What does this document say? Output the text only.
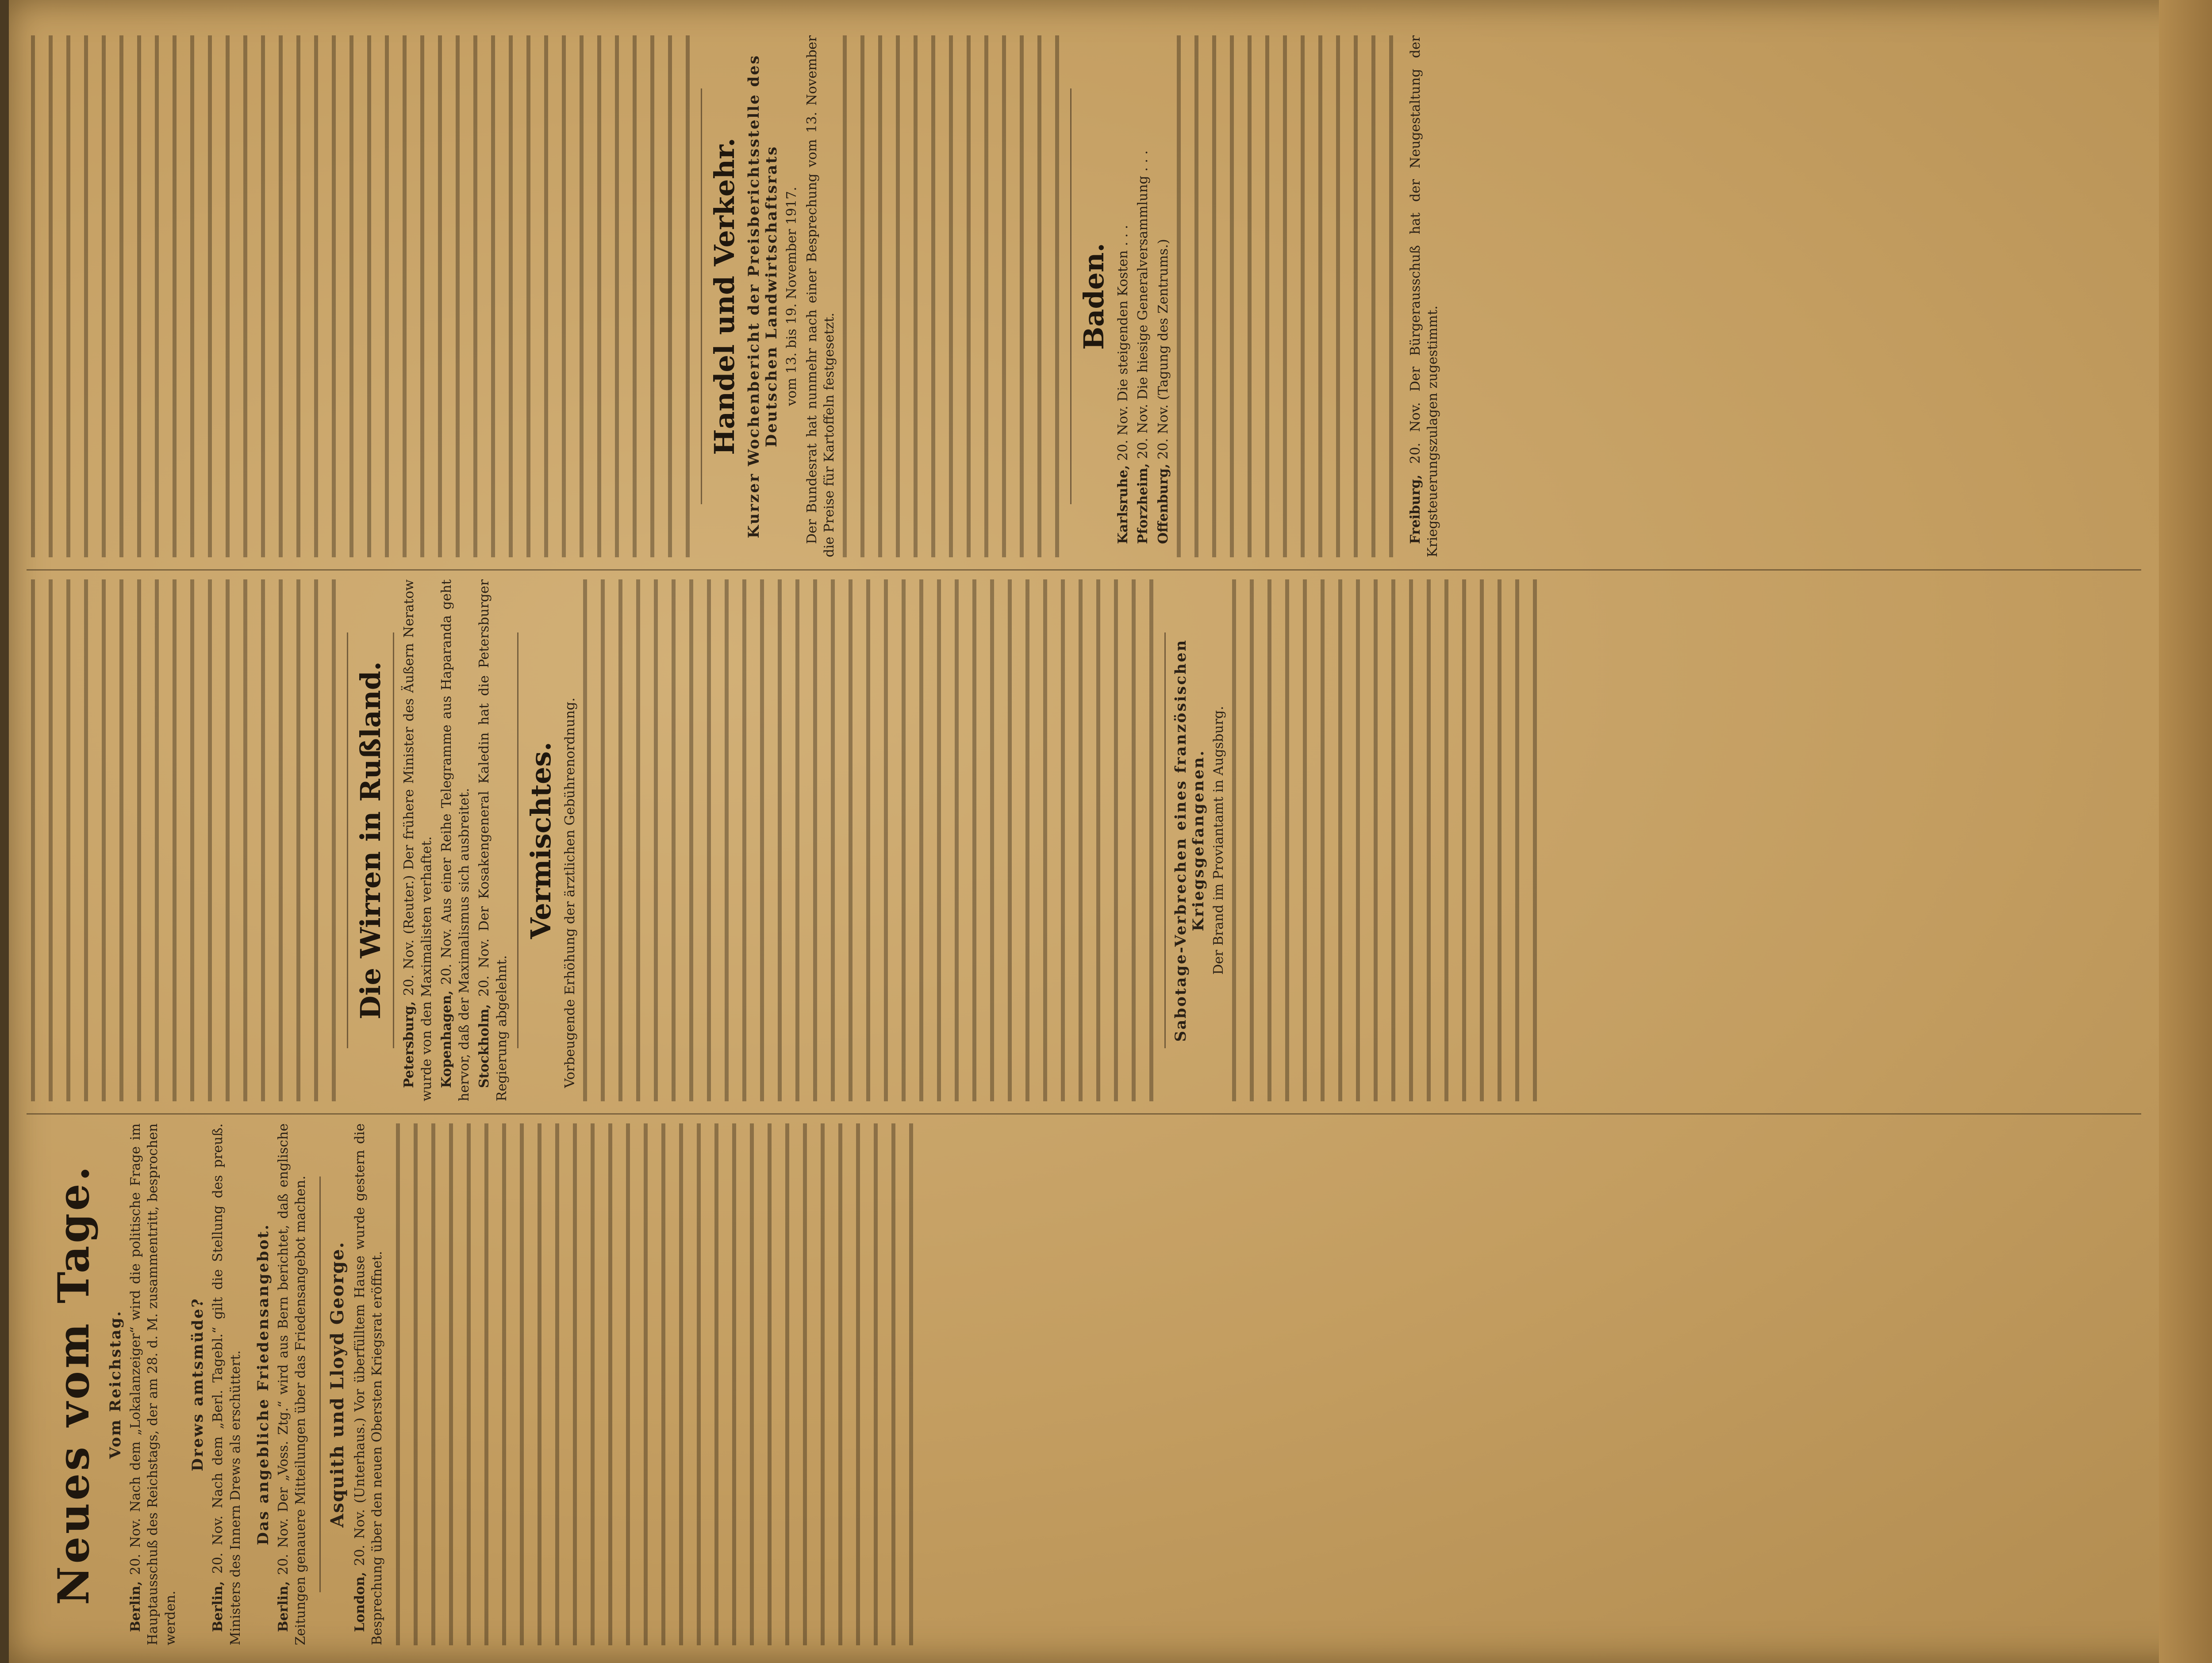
Neues vom Tage. Vom Reichstag.

Berlin, 20. Nov. Nach dem „Lokalanzeiger“ wird die politische Frage im Hauptausschuß des Reichstags, der am 28. d. M. zusammentritt, besprochen werden.

Drews amtsmüde?

Berlin, 20. Nov. Nach dem „Berl. Tagebl.“ gilt die Stellung des preuß. Ministers des Innern Drews als erschüttert. Das angebliche Friedensangebot.

Berlin, 20. Nov. Der „Voss. Ztg.“ wird aus Bern berichtet, daß englische Zeitungen genauere Mitteilungen über das Friedensangebot machen. Asquith und Lloyd George.

London, 20. Nov. (Unterhaus.) Vor überfülltem Hause wurde gestern die Besprechung über den neuen Obersten Kriegsrat eröffnet.

Die Wirren in Rußland.

Petersburg, 20. Nov. (Reuter.) Der frühere Minister des Äußern Neratow wurde von den Maximalisten verhaftet. Kopenhagen, 20. Nov. Aus einer Reihe Telegramme aus Haparanda geht hervor, daß der Maximalismus sich ausbreitet. Stockholm, 20. Nov. Der Kosakengeneral Kaledin hat die Petersburger Regierung abgelehnt.

Vermischtes. Vorbeugende Erhöhung der ärztlichen Gebührenordnung.	Sabotage-Verbrechen eines französischen Kriegsgefangenen. Der Brand im Proviantamt in Augsburg.

Handel und Verkehr. Kurzer Wochenbericht der Preisberichtsstelle des Deutschen Landwirtschaftsrats vom 13. bis 19. November 1917. Der Bundesrat hat nunmehr nach einer Besprechung vom 13. November die Preise für Kartoffeln festgesetzt.

Baden.

Karlsruhe, 20. Nov. Die steigenden Kosten . . .

Pforzheim, 20. Nov. Die hiesige Generalversammlung . . .

Offenburg, 20. Nov. (Tagung des Zentrums.)

Freiburg, 20. Nov. Der Bürgerausschuß hat der Neugestaltung der Kriegsteuerungszulagen zugestimmt.
